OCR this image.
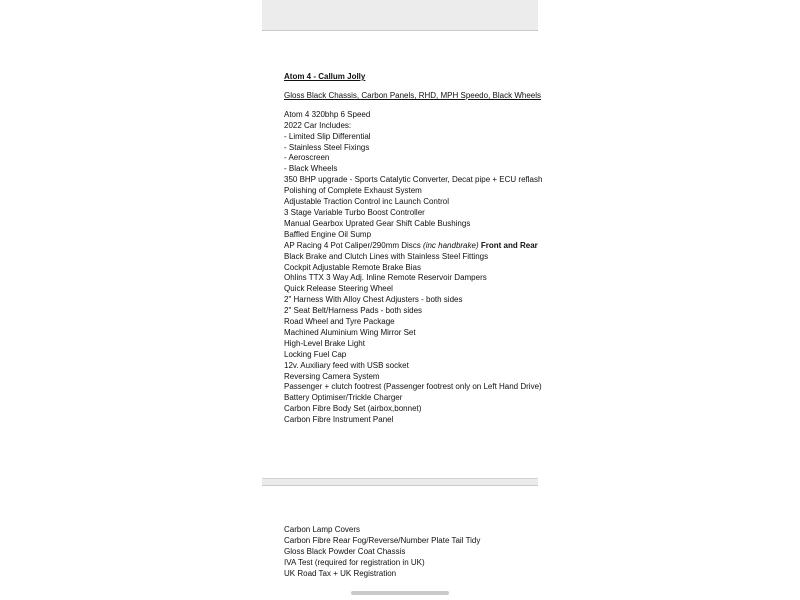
Atom 4 - Callum Jolly
Gloss Black Chassis, Carbon Panels, RHD, MPH Speedo, Black Wheels
Atom 4 320bhp 6 Speed
2022 Car Includes:
- Limited Slip Differential
- Stainless Steel Fixings
- Aeroscreen
- Black Wheels
350 BHP upgrade - Sports Catalytic Converter, Decat pipe + ECU reflash
Polishing of Complete Exhaust System
Adjustable Traction Control inc Launch Control
3 Stage Variable Turbo Boost Controller
Manual Gearbox Uprated Gear Shift Cable Bushings
Baffled Engine Oil Sump
AP Racing 4 Pot Caliper/290mm Discs (inc handbrake) Front and Rear
Black Brake and Clutch Lines with Stainless Steel Fittings
Cockpit Adjustable Remote Brake Bias
Ohlins TTX 3 Way Adj. Inline Remote Reservoir Dampers
Quick Release Steering Wheel
2" Harness With Alloy Chest Adjusters - both sides
2" Seat Belt/Harness Pads - both sides
Road Wheel and Tyre Package
Machined Aluminium Wing Mirror Set
High-Level Brake Light
Locking Fuel Cap
12v. Auxiliary feed with USB socket
Reversing Camera System
Passenger + clutch footrest (Passenger footrest only on Left Hand Drive)
Battery Optimiser/Trickle Charger
Carbon Fibre Body Set (airbox,bonnet)
Carbon Fibre Instrument Panel
Carbon Lamp Covers
Carbon Fibre Rear Fog/Reverse/Number Plate Tail Tidy
Gloss Black Powder Coat Chassis
IVA Test (required for registration in UK)
UK Road Tax + UK Registration
